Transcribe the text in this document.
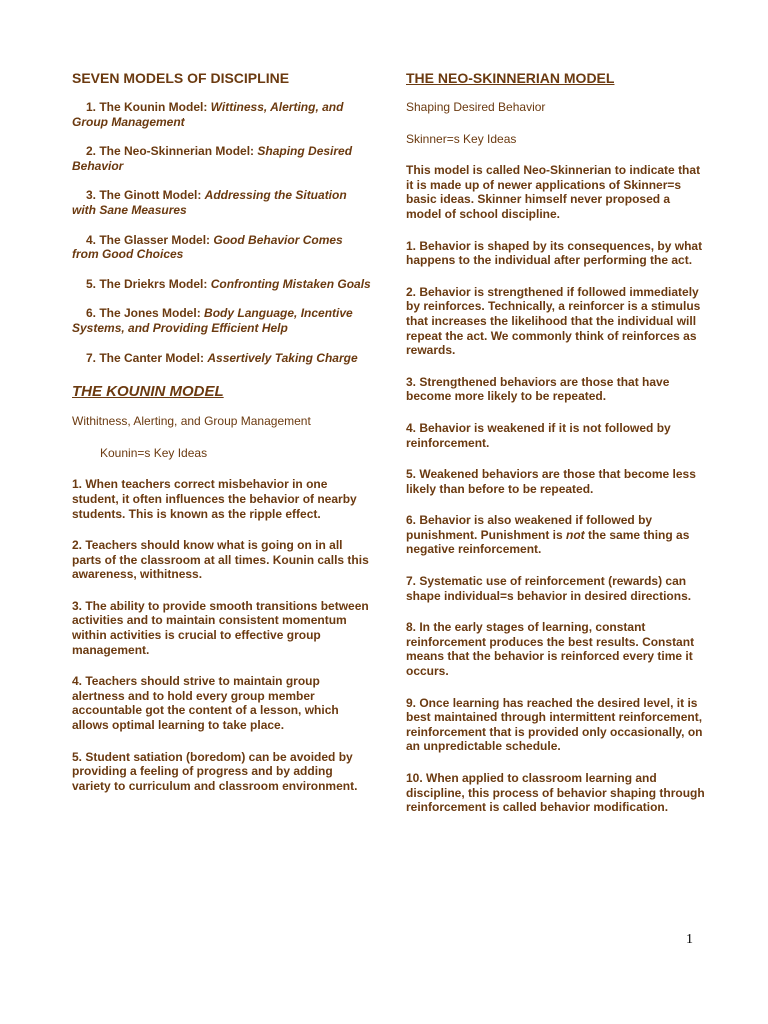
SEVEN MODELS OF DISCIPLINE

1. The Kounin Model: Wittiness, Alerting, and Group Management

2. The Neo-Skinnerian Model: Shaping Desired Behavior

3. The Ginott Model: Addressing the Situation with Sane Measures

4. The Glasser Model: Good Behavior Comes from Good Choices

5. The Driekrs Model: Confronting Mistaken Goals

6. The Jones Model: Body Language, Incentive Systems, and Providing Efficient Help

7. The Canter Model: Assertively Taking Charge

THE KOUNIN MODEL

Withitness, Alerting, and Group Management

Kounin=s Key Ideas

1. When teachers correct misbehavior in one student, it often influences the behavior of nearby students. This is known as the ripple effect.

2. Teachers should know what is going on in all parts of the classroom at all times. Kounin calls this awareness, withitness.

3. The ability to provide smooth transitions between activities and to maintain consistent momentum within activities is crucial to effective group management.

4. Teachers should strive to maintain group alertness and to hold every group member accountable got the content of a lesson, which allows optimal learning to take place.

5. Student satiation (boredom) can be avoided by providing a feeling of progress and by adding variety to curriculum and classroom environment.

THE NEO-SKINNERIAN MODEL

Shaping Desired Behavior

Skinner=s Key Ideas

This model is called Neo-Skinnerian to indicate that it is made up of newer applications of Skinner=s basic ideas. Skinner himself never proposed a model of school discipline.

1. Behavior is shaped by its consequences, by what happens to the individual after performing the act.

2. Behavior is strengthened if followed immediately by reinforces. Technically, a reinforcer is a stimulus that increases the likelihood that the individual will repeat the act. We commonly think of reinforces as rewards.

3. Strengthened behaviors are those that have become more likely to be repeated.

4. Behavior is weakened if it is not followed by reinforcement.

5. Weakened behaviors are those that become less likely than before to be repeated.

6. Behavior is also weakened if followed by punishment. Punishment is not the same thing as negative reinforcement.

7. Systematic use of reinforcement (rewards) can shape individual=s behavior in desired directions.

8. In the early stages of learning, constant reinforcement produces the best results. Constant means that the behavior is reinforced every time it occurs.

9. Once learning has reached the desired level, it is best maintained through intermittent reinforcement, reinforcement that is provided only occasionally, on an unpredictable schedule.

10. When applied to classroom learning and discipline, this process of behavior shaping through reinforcement is called behavior modification.

1
